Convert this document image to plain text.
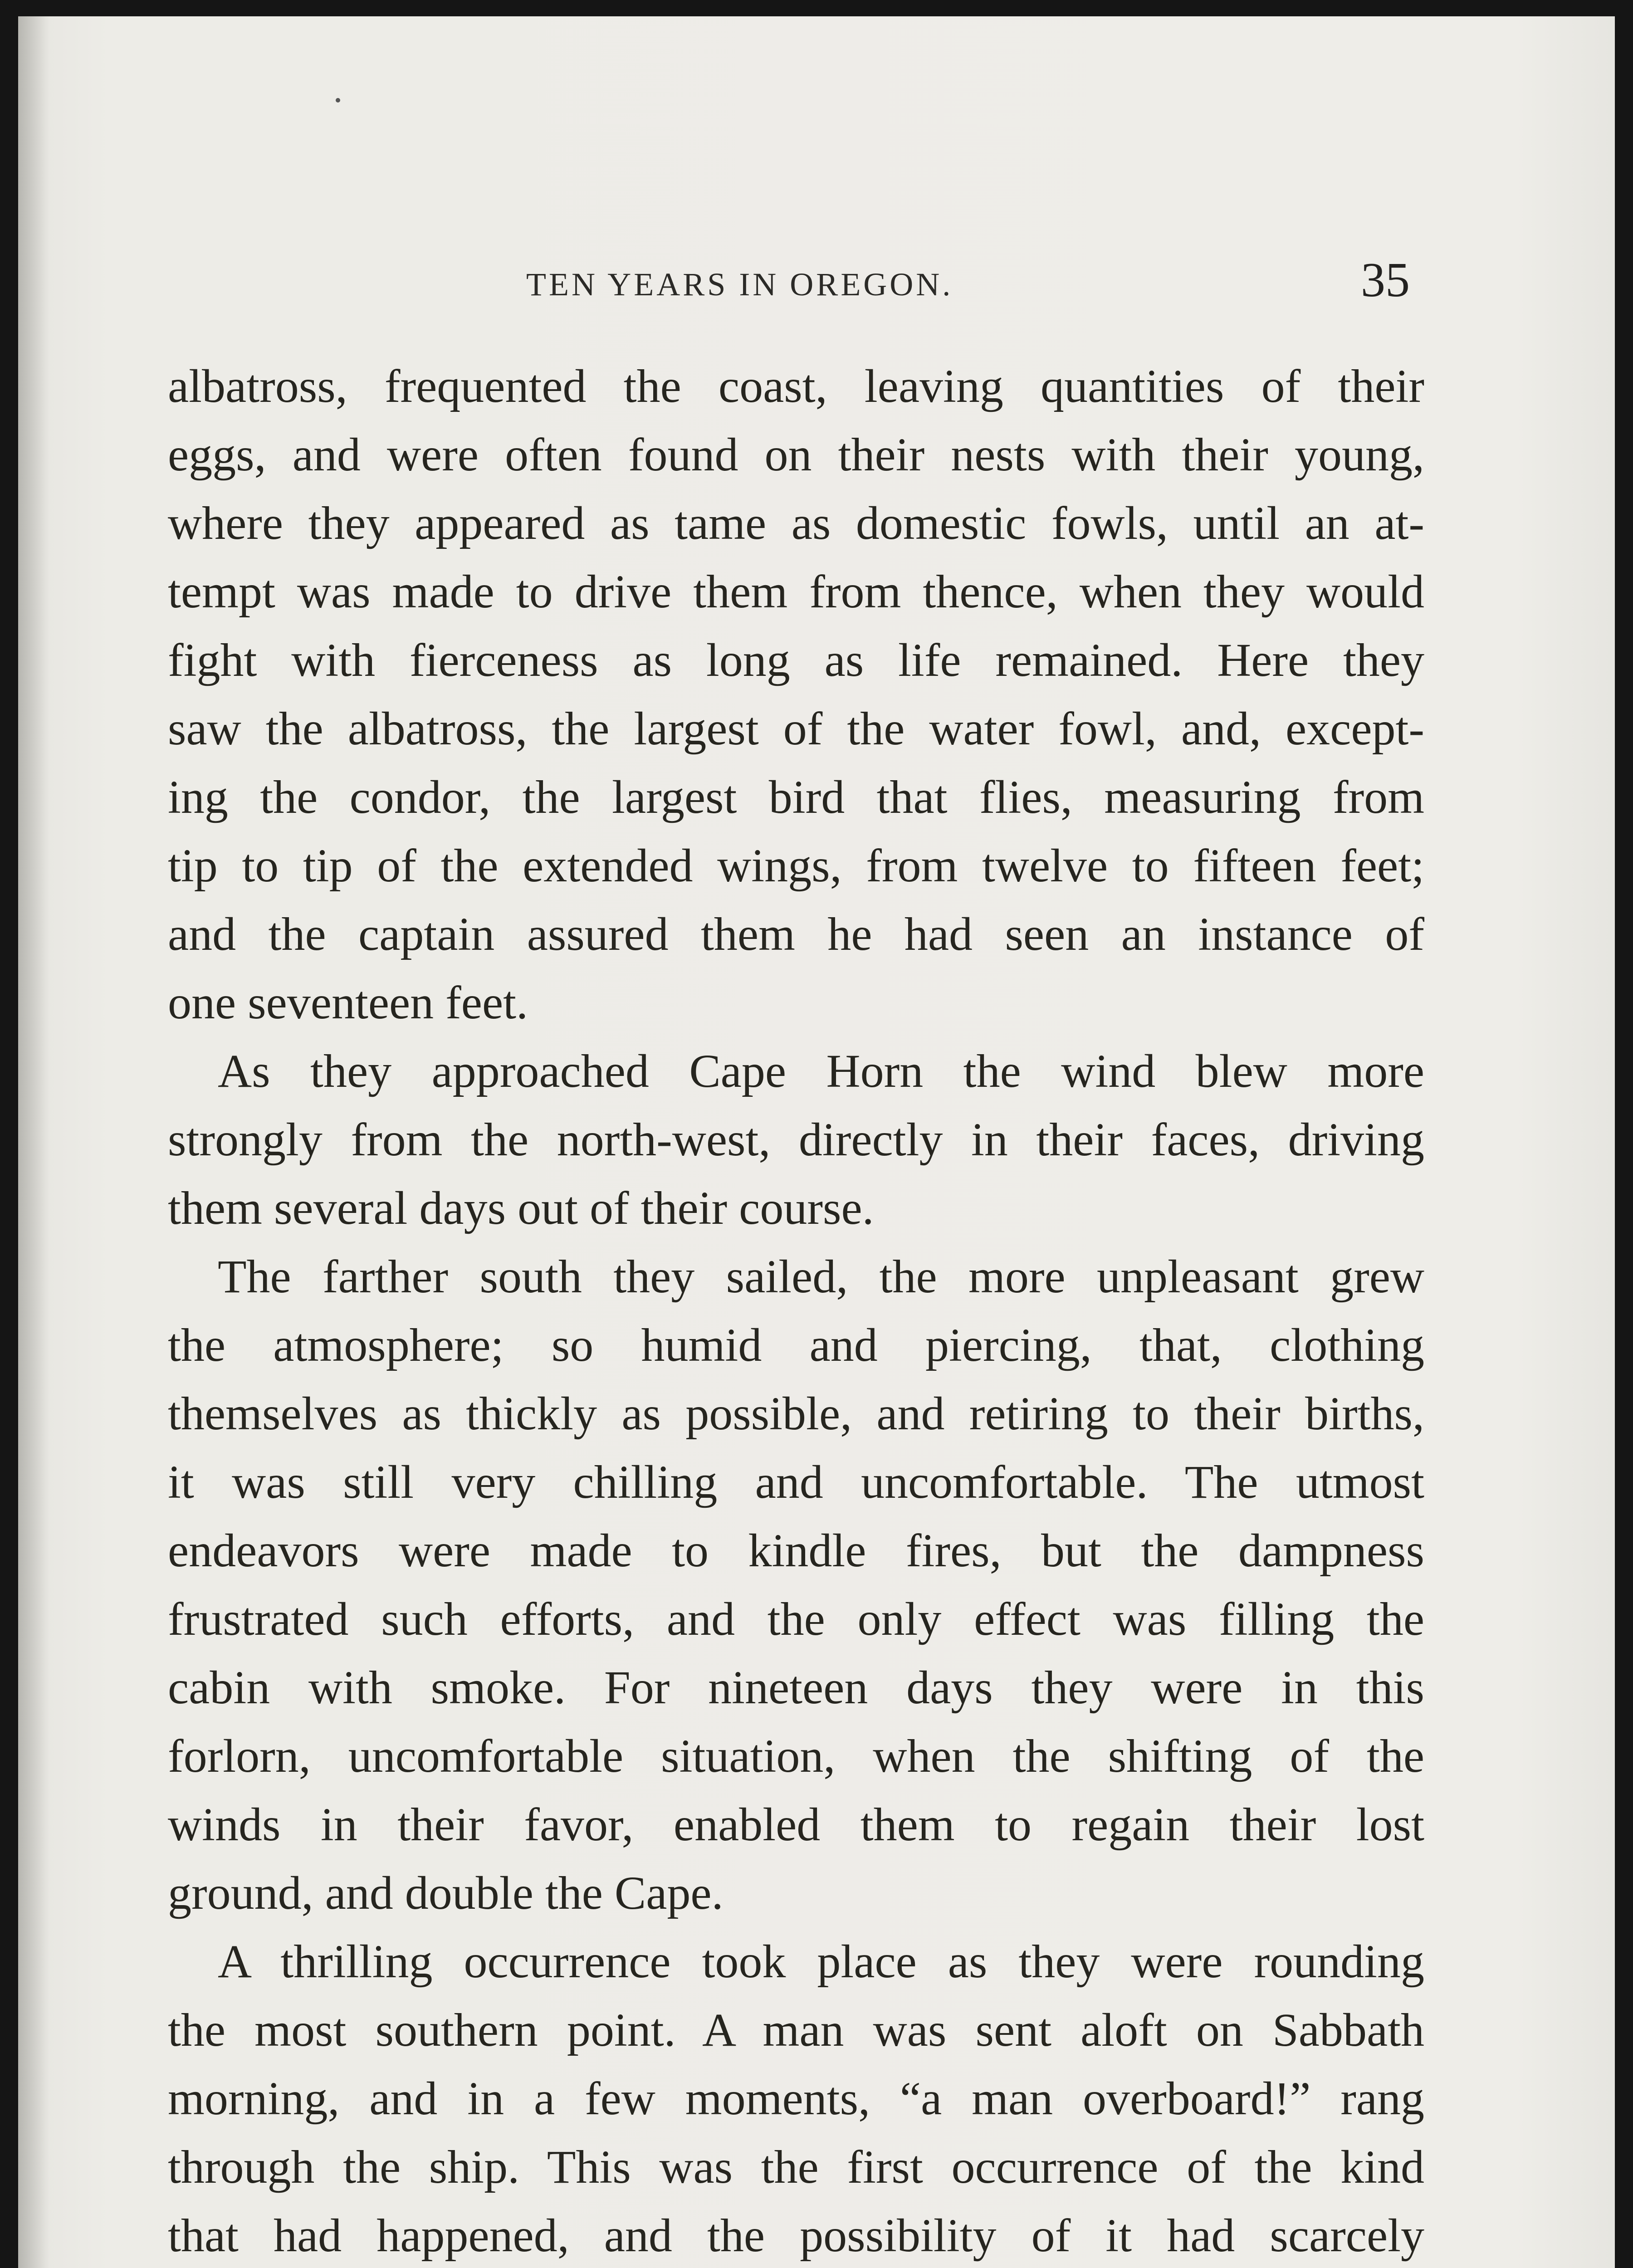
TEN YEARS IN OREGON.	35
albatross, frequented the coast, leaving quantities of their
eggs, and were often found on their nests with their young,
where they appeared as tame as domestic fowls, until an at-
tempt was made to drive them from thence, when they would
fight with fierceness as long as life remained. Here they
saw the albatross, the largest of the water fowl, and, except-
ing the condor, the largest bird that flies, measuring from
tip to tip of the extended wings, from twelve to fifteen feet;
and the captain assured them he had seen an instance of
one seventeen feet.
As they approached Cape Horn the wind blew more
strongly from the north-west, directly in their faces, driving
them several days out of their course.
The farther south they sailed, the more unpleasant grew
the atmosphere; so humid and piercing, that, clothing
themselves as thickly as possible, and retiring to their births,
it was still very chilling and uncomfortable. The utmost
endeavors were made to kindle fires, but the dampness
frustrated such efforts, and the only effect was filling the
cabin with smoke. For nineteen days they were in this
forlorn, uncomfortable situation, when the shifting of the
winds in their favor, enabled them to regain their lost
ground, and double the Cape.
A thrilling occurrence took place as they were rounding
the most southern point. A man was sent aloft on Sabbath
morning, and in a few moments, “a man overboard!” rang
through the ship. This was the first occurrence of the kind
that had happened, and the possibility of it had scarcely
